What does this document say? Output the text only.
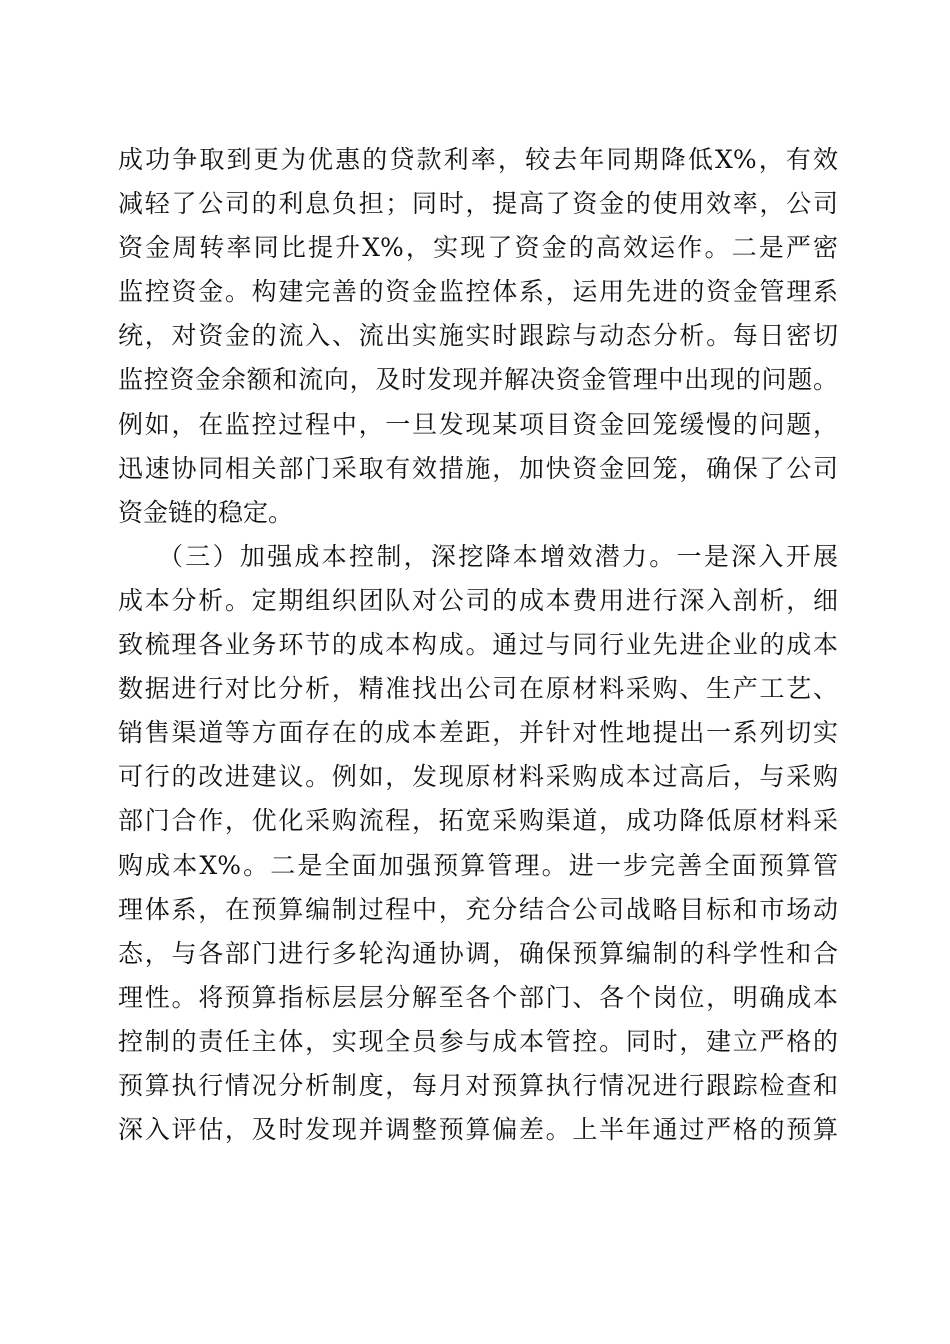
成功争取到更为优惠的贷款利率，较去年同期降低X%，有效
减轻了公司的利息负担；同时，提高了资金的使用效率，公司
资金周转率同比提升X%，实现了资金的高效运作。二是严密
监控资金。构建完善的资金监控体系，运用先进的资金管理系
统，对资金的流入、流出实施实时跟踪与动态分析。每日密切
监控资金余额和流向，及时发现并解决资金管理中出现的问题。
例如，在监控过程中，一旦发现某项目资金回笼缓慢的问题，
迅速协同相关部门采取有效措施，加快资金回笼，确保了公司
资金链的稳定。
（三）加强成本控制，深挖降本增效潜力。一是深入开展
成本分析。定期组织团队对公司的成本费用进行深入剖析，细
致梳理各业务环节的成本构成。通过与同行业先进企业的成本
数据进行对比分析，精准找出公司在原材料采购、生产工艺、
销售渠道等方面存在的成本差距，并针对性地提出一系列切实
可行的改进建议。例如，发现原材料采购成本过高后，与采购
部门合作，优化采购流程，拓宽采购渠道，成功降低原材料采
购成本X%。二是全面加强预算管理。进一步完善全面预算管
理体系，在预算编制过程中，充分结合公司战略目标和市场动
态，与各部门进行多轮沟通协调，确保预算编制的科学性和合
理性。将预算指标层层分解至各个部门、各个岗位，明确成本
控制的责任主体，实现全员参与成本管控。同时，建立严格的
预算执行情况分析制度，每月对预算执行情况进行跟踪检查和
深入评估，及时发现并调整预算偏差。上半年通过严格的预算
